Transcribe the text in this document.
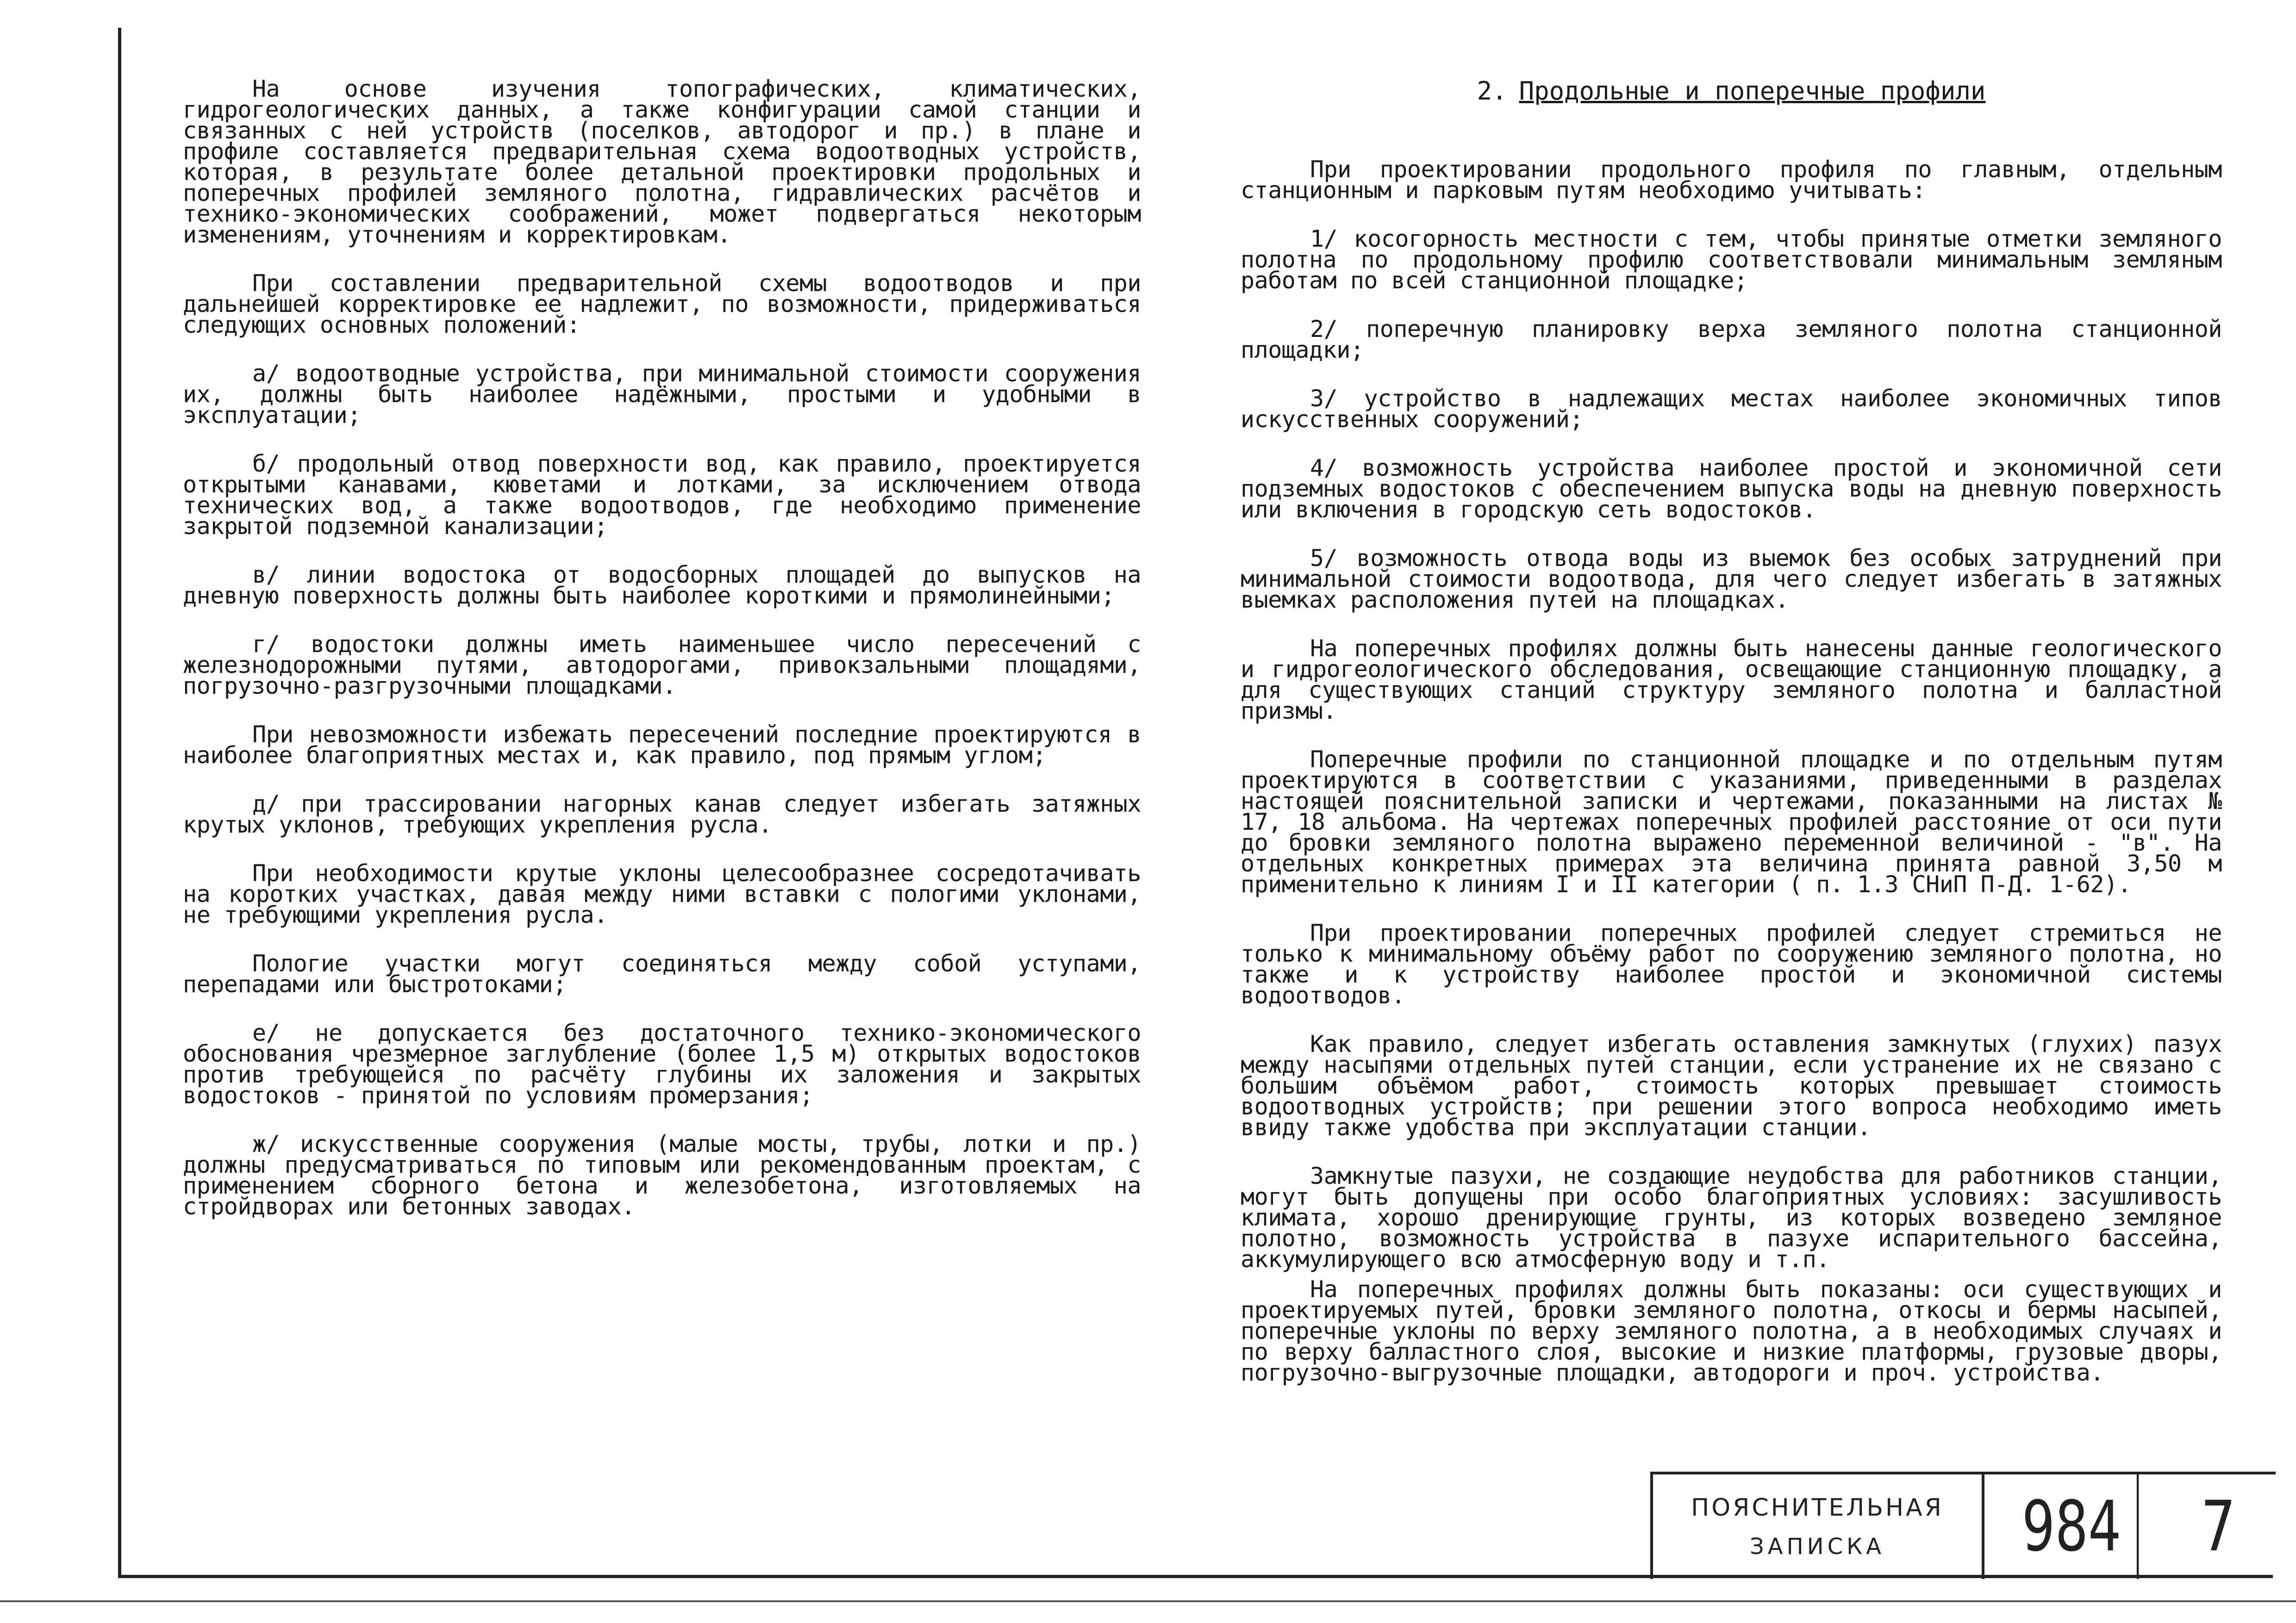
На основе изучения топографических, климатических, гидрогеологических данных, а также конфигурации самой станции и связанных с ней устройств (поселков, автодорог и пр.) в плане и профиле составляется предварительная схема водоотводных устройств, которая, в результате более детальной проектировки продольных и поперечных профилей земляного полотна, гидравлических расчётов и технико-экономических соображений, может подвергаться некоторым изменениям, уточнениям и корректировкам.

При составлении предварительной схемы водоотводов и при дальнейшей корректировке ее надлежит, по возможности, придерживаться следующих основных положений:

а/ водоотводные устройства, при минимальной стоимости сооружения их, должны быть наиболее надёжными, простыми и удобными в эксплуатации;

б/ продольный отвод поверхности вод, как правило, проектируется открытыми канавами, кюветами и лотками, за исключением отвода технических вод, а также водоотводов, где необходимо применение закрытой подземной канализации;

в/ линии водостока от водосборных площадей до выпусков на дневную поверхность должны быть наиболее короткими и прямолинейными;

г/ водостоки должны иметь наименьшее число пересечений с железнодорожными путями, автодорогами, привокзальными площадями, погрузочно-разгрузочными площадками.

При невозможности избежать пересечений последние проектируются в наиболее благоприятных местах и, как правило, под прямым углом;

д/ при трассировании нагорных канав следует избегать затяжных крутых уклонов, требующих укрепления русла.

При необходимости крутые уклоны целесообразнее сосредотачивать на коротких участках, давая между ними вставки с пологими уклонами, не требующими укрепления русла.

Пологие участки могут соединяться между собой уступами, перепадами или быстротоками;

е/ не допускается без достаточного технико-экономического обоснования чрезмерное заглубление (более 1,5 м) открытых водостоков против требующейся по расчёту глубины их заложения и закрытых водостоков - принятой по условиям промерзания;

ж/ искусственные сооружения (малые мосты, трубы, лотки и пр.) должны предусматриваться по типовым или рекомендованным проектам, с применением сборного бетона и железобетона, изготовляемых на стройдворах или бетонных заводах.

2. Продольные и поперечные профили

При проектировании продольного профиля по главным, отдельным станционным и парковым путям необходимо учитывать:

1/ косогорность местности с тем, чтобы принятые отметки земляного полотна по продольному профилю соответствовали минимальным земляным работам по всей станционной площадке;

2/ поперечную планировку верха земляного полотна станционной площадки;

3/ устройство в надлежащих местах наиболее экономичных типов искусственных сооружений;

4/ возможность устройства наиболее простой и экономичной сети подземных водостоков с обеспечением выпуска воды на дневную поверхность или включения в городскую сеть водостоков.

5/ возможность отвода воды из выемок без особых затруднений при минимальной стоимости водоотвода, для чего следует избегать в затяжных выемках расположения путей на площадках.

На поперечных профилях должны быть нанесены данные геологического и гидрогеологического обследования, освещающие станционную площадку, а для существующих станций структуру земляного полотна и балластной призмы.

Поперечные профили по станционной площадке и по отдельным путям проектируются в соответствии с указаниями, приведенными в разделах настоящей пояснительной записки и чертежами, показанными на листах № 17, 18 альбома. На чертежах поперечных профилей расстояние от оси пути до бровки земляного полотна выражено переменной величиной - "в". На отдельных конкретных примерах эта величина принята равной 3,50 м применительно к линиям I и II категории ( п. 1.3 СНиП П-Д. 1-62).

При проектировании поперечных профилей следует стремиться не только к минимальному объёму работ по сооружению земляного полотна, но также и к устройству наиболее простой и экономичной системы водоотводов.

Как правило, следует избегать оставления замкнутых (глухих) пазух между насыпями отдельных путей станции, если устранение их не связано с большим объёмом работ, стоимость которых превышает стоимость водоотводных устройств; при решении этого вопроса необходимо иметь ввиду также удобства при эксплуатации станции.

Замкнутые пазухи, не создающие неудобства для работников станции, могут быть допущены при особо благоприятных условиях: засушливость климата, хорошо дренирующие грунты, из которых возведено земляное полотно, возможность устройства в пазухе испарительного бассейна, аккумулирующего всю атмосферную воду и т.п.

На поперечных профилях должны быть показаны: оси существующих и проектируемых путей, бровки земляного полотна, откосы и бермы насыпей, поперечные уклоны по верху земляного полотна, а в необходимых случаях и по верху балластного слоя, высокие и низкие платформы, грузовые дворы, погрузочно-выгрузочные площадки, автодороги и проч. устройства.

ПОЯСНИТЕЛЬНАЯ
ЗАПИСКА	984	7
